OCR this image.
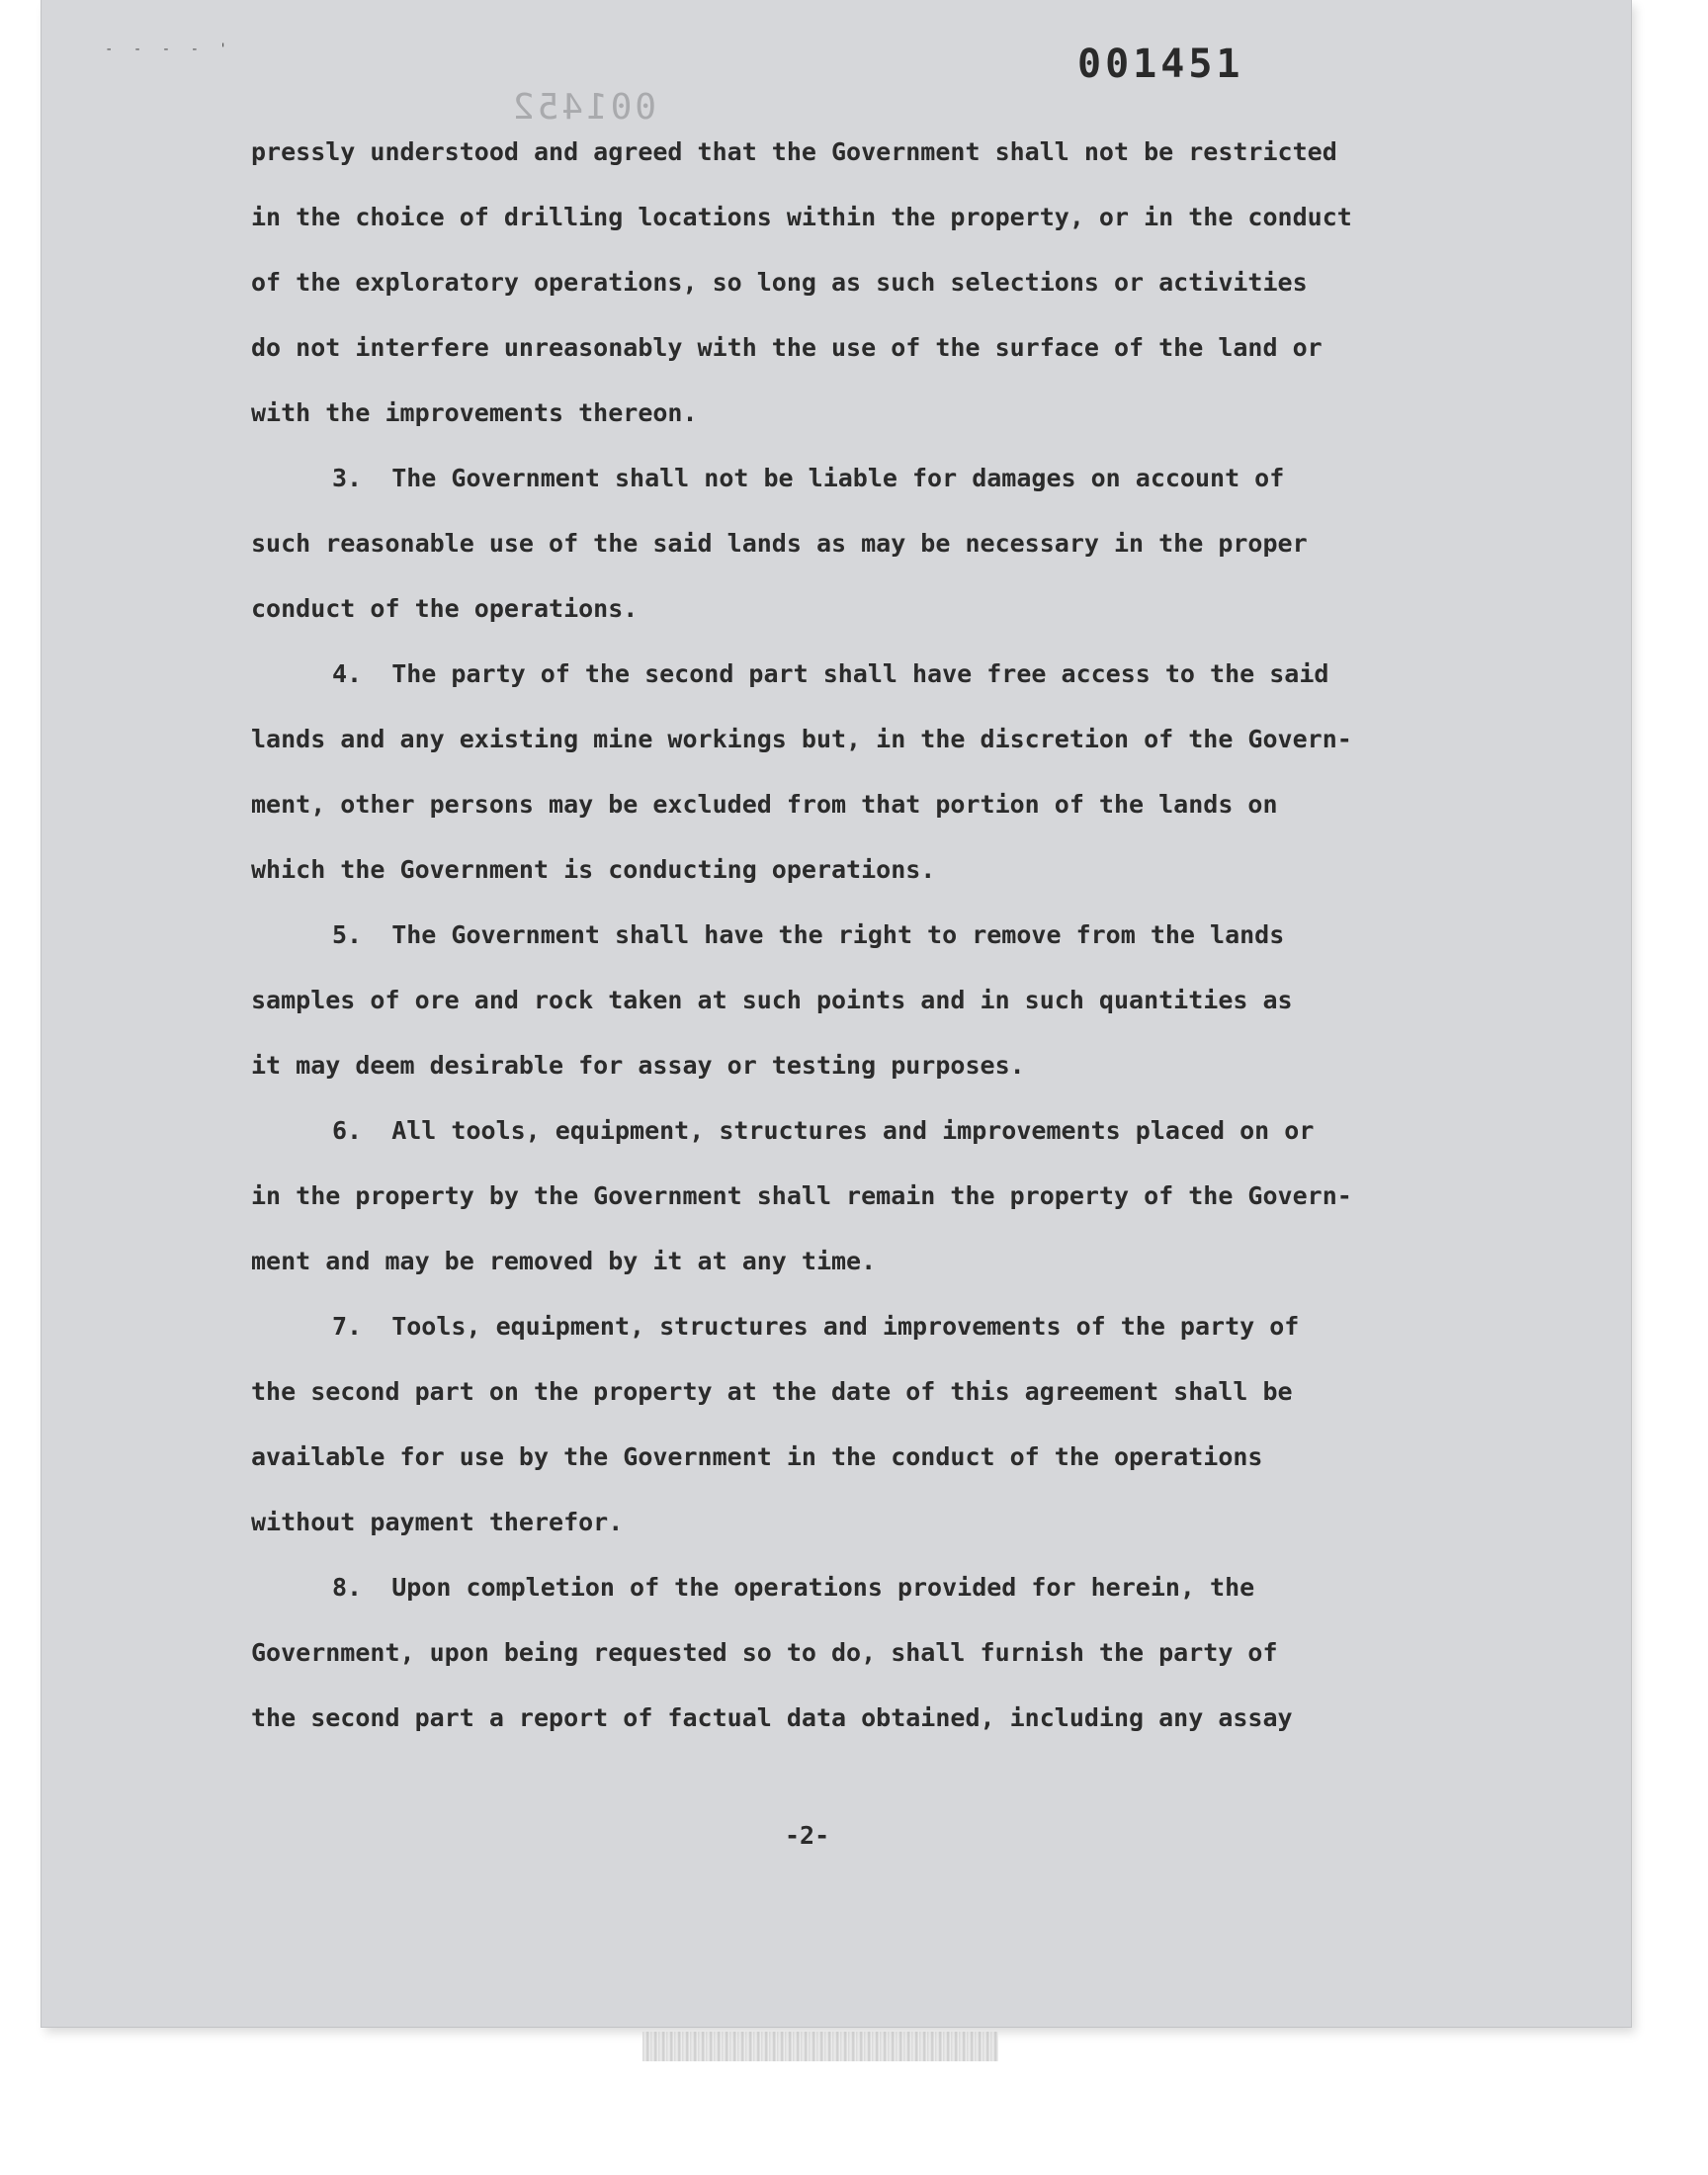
- - - - '	001451
001452
pressly understood and agreed that the Government shall not be restricted
in the choice of drilling locations within the property, or in the conduct
of the exploratory operations, so long as such selections or activities
do not interfere unreasonably with the use of the surface of the land or
with the improvements thereon.
3.  The Government shall not be liable for damages on account of
such reasonable use of the said lands as may be necessary in the proper
conduct of the operations.
4.  The party of the second part shall have free access to the said
lands and any existing mine workings but, in the discretion of the Govern-
ment, other persons may be excluded from that portion of the lands on
which the Government is conducting operations.
5.  The Government shall have the right to remove from the lands
samples of ore and rock taken at such points and in such quantities as
it may deem desirable for assay or testing purposes.
6.  All tools, equipment, structures and improvements placed on or
in the property by the Government shall remain the property of the Govern-
ment and may be removed by it at any time.
7.  Tools, equipment, structures and improvements of the party of
the second part on the property at the date of this agreement shall be
available for use by the Government in the conduct of the operations
without payment therefor.
8.  Upon completion of the operations provided for herein, the
Government, upon being requested so to do, shall furnish the party of
the second part a report of factual data obtained, including any assay
-2-
